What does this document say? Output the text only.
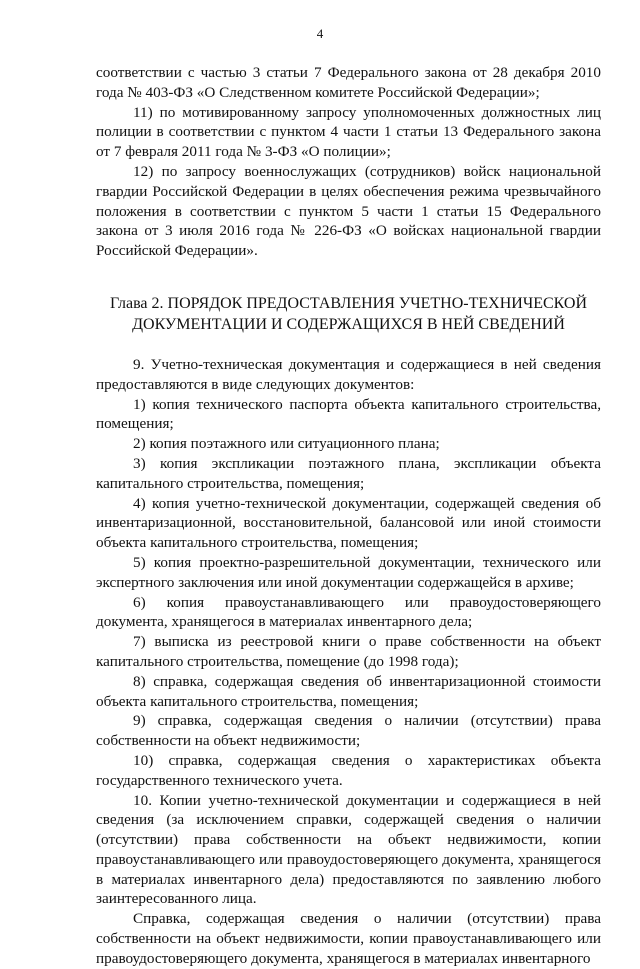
4

соответствии с частью 3 статьи 7 Федерального закона от 28 декабря 2010 года № 403-ФЗ «О Следственном комитете Российской Федерации»;

11) по мотивированному запросу уполномоченных должностных лиц полиции в соответствии с пунктом 4 части 1 статьи 13 Федерального закона от 7 февраля 2011 года № 3-ФЗ «О полиции»;

12) по запросу военнослужащих (сотрудников) войск национальной гвардии Российской Федерации в целях обеспечения режима чрезвычайного положения в соответствии с пунктом 5 части 1 статьи 15 Федерального закона от 3 июля 2016 года № 226-ФЗ «О войсках национальной гвардии Российской Федерации».

Глава 2. ПОРЯДОК ПРЕДОСТАВЛЕНИЯ УЧЕТНО-ТЕХНИЧЕСКОЙ ДОКУМЕНТАЦИИ И СОДЕРЖАЩИХСЯ В НЕЙ СВЕДЕНИЙ

9. Учетно-техническая документация и содержащиеся в ней сведения предоставляются в виде следующих документов:

1) копия технического паспорта объекта капитального строительства, помещения;

2) копия поэтажного или ситуационного плана;

3) копия экспликации поэтажного плана, экспликации объекта капитального строительства, помещения;

4) копия учетно-технической документации, содержащей сведения об инвентаризационной, восстановительной, балансовой или иной стоимости объекта капитального строительства, помещения;

5) копия проектно-разрешительной документации, технического или экспертного заключения или иной документации содержащейся в архиве;

6) копия правоустанавливающего или правоудостоверяющего документа, хранящегося в материалах инвентарного дела;

7) выписка из реестровой книги о праве собственности на объект капитального строительства, помещение (до 1998 года);

8) справка, содержащая сведения об инвентаризационной стоимости объекта капитального строительства, помещения;

9) справка, содержащая сведения о наличии (отсутствии) права собственности на объект недвижимости;

10) справка, содержащая сведения о характеристиках объекта государственного технического учета.

10. Копии учетно-технической документации и содержащиеся в ней сведения (за исключением справки, содержащей сведения о наличии (отсутствии) права собственности на объект недвижимости, копии правоустанавливающего или правоудостоверяющего документа, хранящегося в материалах инвентарного дела) предоставляются по заявлению любого заинтересованного лица.

Справка, содержащая сведения о наличии (отсутствии) права собственности на объект недвижимости, копии правоустанавливающего или правоудостоверяющего документа, хранящегося в материалах инвентарного
